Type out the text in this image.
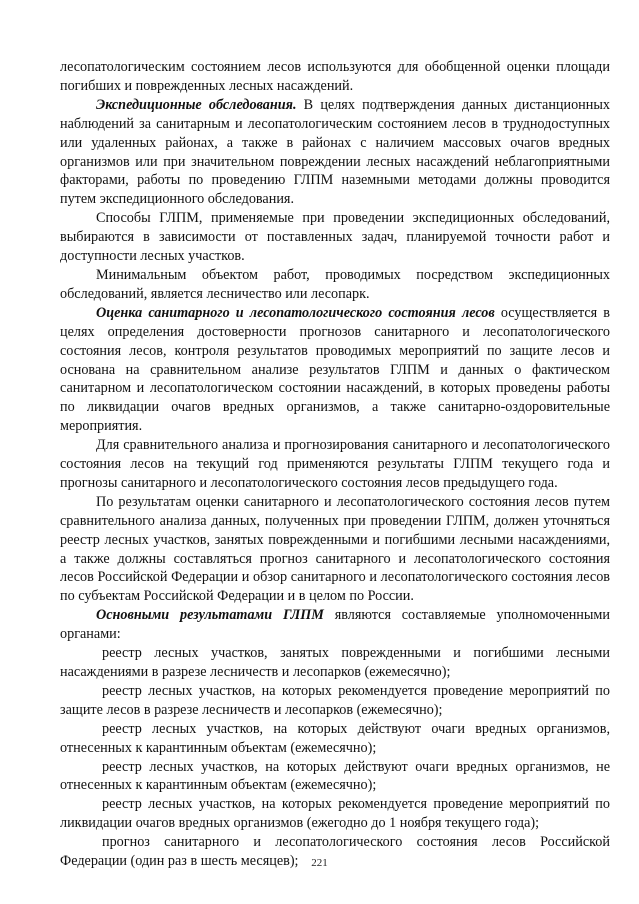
лесопатологическим состоянием лесов используются для обобщенной оценки площади погибших и поврежденных лесных насаждений.

Экспедиционные обследования. В целях подтверждения данных дистанционных наблюдений за санитарным и лесопатологическим состоянием лесов в труднодоступных или удаленных районах, а также в районах с наличием массовых очагов вредных организмов или при значительном повреждении лесных насаждений неблагоприятными факторами, работы по проведению ГЛПМ наземными методами должны проводится путем экспедиционного обследования.

Способы ГЛПМ, применяемые при проведении экспедиционных обследований, выбираются в зависимости от поставленных задач, планируемой точности работ и доступности лесных участков.

Минимальным объектом работ, проводимых посредством экспедиционных обследований, является лесничество или лесопарк.

Оценка санитарного и лесопатологического состояния лесов осуществляется в целях определения достоверности прогнозов санитарного и лесопатологического состояния лесов, контроля результатов проводимых мероприятий по защите лесов и основана на сравнительном анализе результатов ГЛПМ и данных о фактическом санитарном и лесопатологическом состоянии насаждений, в которых проведены работы по ликвидации очагов вредных организмов, а также санитарно-оздоровительные мероприятия.

Для сравнительного анализа и прогнозирования санитарного и лесопатологического состояния лесов на текущий год применяются результаты ГЛПМ текущего года и прогнозы санитарного и лесопатологического состояния лесов предыдущего года.

По результатам оценки санитарного и лесопатологического состояния лесов путем сравнительного анализа данных, полученных при проведении ГЛПМ, должен уточняться реестр лесных участков, занятых поврежденными и погибшими лесными насаждениями, а также должны составляться прогноз санитарного и лесопатологического состояния лесов Российской Федерации и обзор санитарного и лесопатологического состояния лесов по субъектам Российской Федерации и в целом по России.

Основными результатами ГЛПМ являются составляемые уполномоченными органами:

реестр лесных участков, занятых поврежденными и погибшими лесными насаждениями в разрезе лесничеств и лесопарков (ежемесячно);

реестр лесных участков, на которых рекомендуется проведение мероприятий по защите лесов в разрезе лесничеств и лесопарков (ежемесячно);

реестр лесных участков, на которых действуют очаги вредных организмов, отнесенных к карантинным объектам (ежемесячно);

реестр лесных участков, на которых действуют очаги вредных организмов, не отнесенных к карантинным объектам (ежемесячно);

реестр лесных участков, на которых рекомендуется проведение мероприятий по ликвидации очагов вредных организмов (ежегодно до 1 ноября текущего года);

прогноз санитарного и лесопатологического состояния лесов Российской Федерации (один раз в шесть месяцев);	221
